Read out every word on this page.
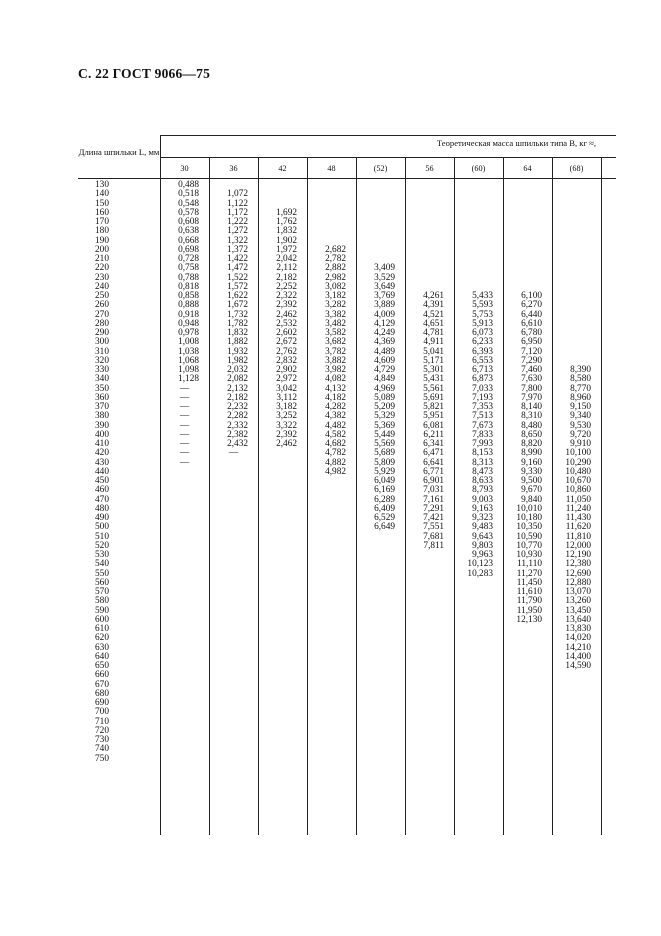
С. 22 ГОСТ 9066—75
Длина шпильки L, мм
Теоретическая масса шпильки типа В, кг ≈,
130
140
150
160
170
180
190
200
210
220
230
240
250
260
270
280
290
300
310
320
330
340
350
360
370
380
390
400
410
420
430
440
450
460
470
480
490
500
510
520
530
540
550
560
570
580
590
600
610
620
630
640
650
660
670
680
690
700
710
720
730
740
750
30
0,488
0,518
0,548
0,578
0,608
0,638
0,668
0,698
0,728
0,758
0,788
0,818
0,858
0,888
0,918
0,948
0,978
1,008
1,038
1,068
1,098
1,128
—
—
—
—
—
—
—
—
—
36
1,072
1,122
1,172
1,222
1,272
1,322
1,372
1,422
1,472
1,522
1,572
1,622
1,672
1,732
1,782
1,832
1,882
1,932
1,982
2,032
2,082
2,132
2,182
2,232
2,282
2,332
2,382
2,432
—
42
1,692
1,762
1,832
1,902
1,972
2,042
2,112
2,182
2,252
2,322
2,392
2,462
2,532
2,602
2,672
2,762
2,832
2,902
2,972
3,042
3,112
3,182
3,252
3,322
2,392
2,462
48
2,682
2,782
2,882
2,982
3,082
3,182
3,282
3,382
3,482
3,582
3,682
3,782
3,882
3,982
4,082
4,132
4,182
4,282
4,382
4,482
4,582
4,682
4,782
4,882
4,982
(52)
3,409
3,529
3,649
3,769
3,889
4,009
4,129
4,249
4,369
4,489
4,609
4,729
4,849
4,969
5,089
5,209
5,329
5,369
5,449
5,569
5,689
5,809
5,929
6,049
6,169
6,289
6,409
6,529
6,649
56
4,261
4,391
4,521
4,651
4,781
4,911
5,041
5,171
5,301
5,431
5,561
5,691
5,821
5,951
6,081
6,211
6,341
6,471
6,641
6,771
6,901
7,031
7,161
7,291
7,421
7,551
7,681
7,811
(60)
5,433
5,593
5,753
5,913
6,073
6,233
6,393
6,553
6,713
6,873
7,033
7,193
7,353
7,513
7,673
7,833
7,993
8,153
8,313
8,473
8,633
8,793
9,003
9,163
9,323
9,483
9,643
9,803
9,963
10,123
10,283
64
6,100
6,270
6,440
6,610
6,780
6,950
7,120
7,290
7,460
7,630
7,800
7,970
8,140
8,310
8,480
8,650
8,820
8,990
9,160
9,330
9,500
9,670
9,840
10,010
10,180
10,350
10,590
10,770
10,930
11,110
11,270
11,450
11,610
11,790
11,950
12,130
(68)
8,390
8,580
8,770
8,960
9,150
9,340
9,530
9,720
9,910
10,100
10,290
10,480
10,670
10,860
11,050
11,240
11,430
11,620
11,810
12,000
12,190
12,380
12,690
12,880
13,070
13,260
13,450
13,640
13,830
14,020
14,210
14,400
14,590
